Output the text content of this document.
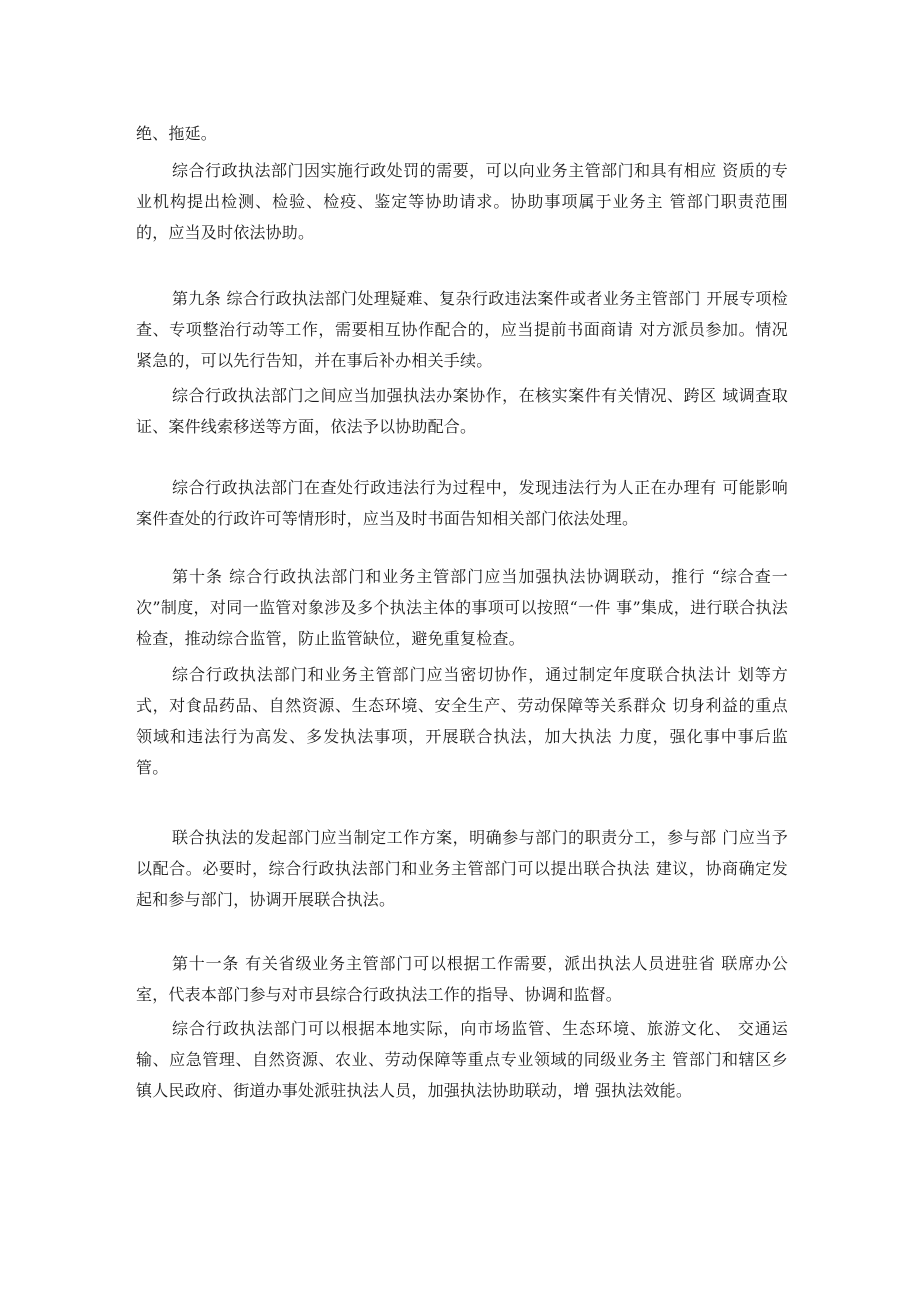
绝、拖延。

综合行政执法部门因实施行政处罚的需要，可以向业务主管部门和具有相应 资质的专业机构提出检测、检验、检疫、鉴定等协助请求。协助事项属于业务主 管部门职责范围的，应当及时依法协助。

第九条 综合行政执法部门处理疑难、复杂行政违法案件或者业务主管部门 开展专项检查、专项整治行动等工作，需要相互协作配合的，应当提前书面商请 对方派员参加。情况紧急的，可以先行告知，并在事后补办相关手续。

综合行政执法部门之间应当加强执法办案协作，在核实案件有关情况、跨区 域调查取证、案件线索移送等方面，依法予以协助配合。

综合行政执法部门在查处行政违法行为过程中，发现违法行为人正在办理有 可能影响案件查处的行政许可等情形时，应当及时书面告知相关部门依法处理。

第十条 综合行政执法部门和业务主管部门应当加强执法协调联动，推行 “综合查一次”制度，对同一监管对象涉及多个执法主体的事项可以按照“一件 事”集成，进行联合执法检查，推动综合监管，防止监管缺位，避免重复检查。

综合行政执法部门和业务主管部门应当密切协作，通过制定年度联合执法计 划等方式，对食品药品、自然资源、生态环境、安全生产、劳动保障等关系群众 切身利益的重点领域和违法行为高发、多发执法事项，开展联合执法，加大执法 力度，强化事中事后监管。

联合执法的发起部门应当制定工作方案，明确参与部门的职责分工，参与部 门应当予以配合。必要时，综合行政执法部门和业务主管部门可以提出联合执法 建议，协商确定发起和参与部门，协调开展联合执法。

第十一条 有关省级业务主管部门可以根据工作需要，派出执法人员进驻省 联席办公室，代表本部门参与对市县综合行政执法工作的指导、协调和监督。

综合行政执法部门可以根据本地实际，向市场监管、生态环境、旅游文化、 交通运输、应急管理、自然资源、农业、劳动保障等重点专业领域的同级业务主 管部门和辖区乡镇人民政府、街道办事处派驻执法人员，加强执法协助联动，增 强执法效能。
